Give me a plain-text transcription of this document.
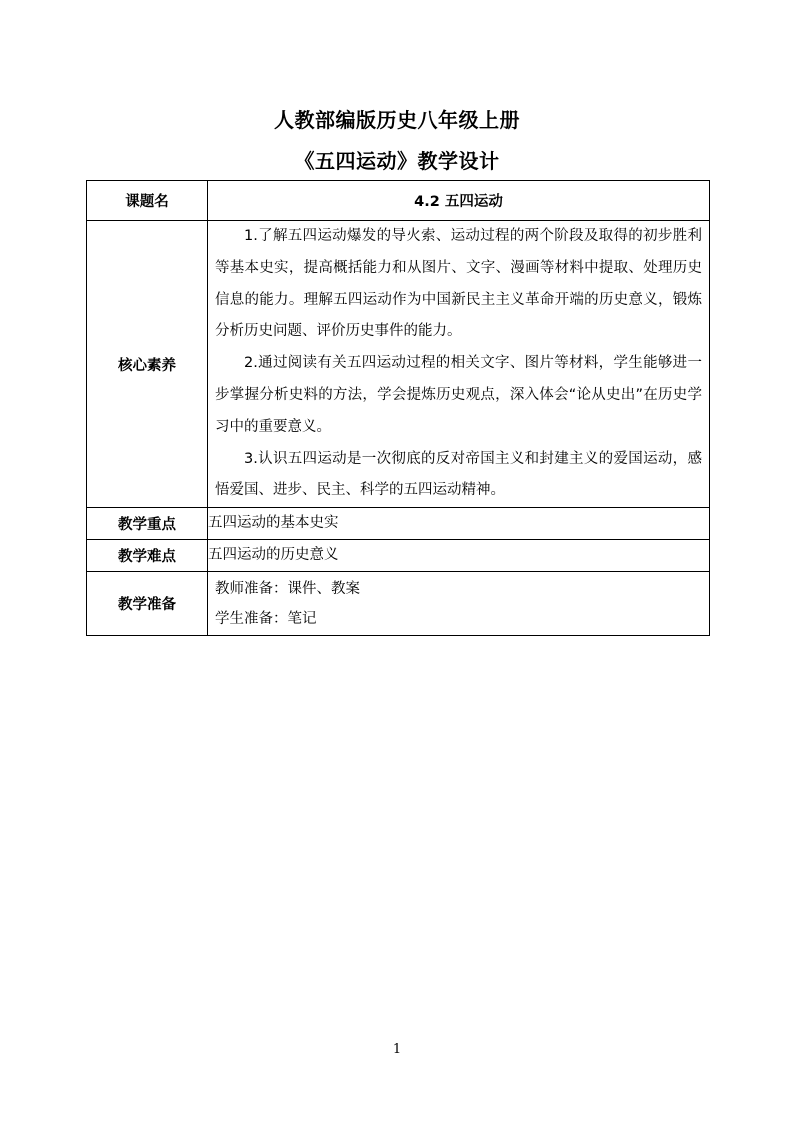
人教部编版历史八年级上册
《五四运动》教学设计
课题名	4.2 五四运动
核心素养	1.了解五四运动爆发的导火索、运动过程的两个阶段及取得的初步胜利等基本史实，提高概括能力和从图片、文字、漫画等材料中提取、处理历史信息的能力。理解五四运动作为中国新民主主义革命开端的历史意义，锻炼分析历史问题、评价历史事件的能力。

2.通过阅读有关五四运动过程的相关文字、图片等材料，学生能够进一步掌握分析史料的方法，学会提炼历史观点，深入体会“论从史出”在历史学习中的重要意义。

3.认识五四运动是一次彻底的反对帝国主义和封建主义的爱国运动，感悟爱国、进步、民主、科学的五四运动精神。

教学重点	五四运动的基本史实
教学难点	五四运动的历史意义
教学准备	教师准备：课件、教案
学生准备：笔记
1
